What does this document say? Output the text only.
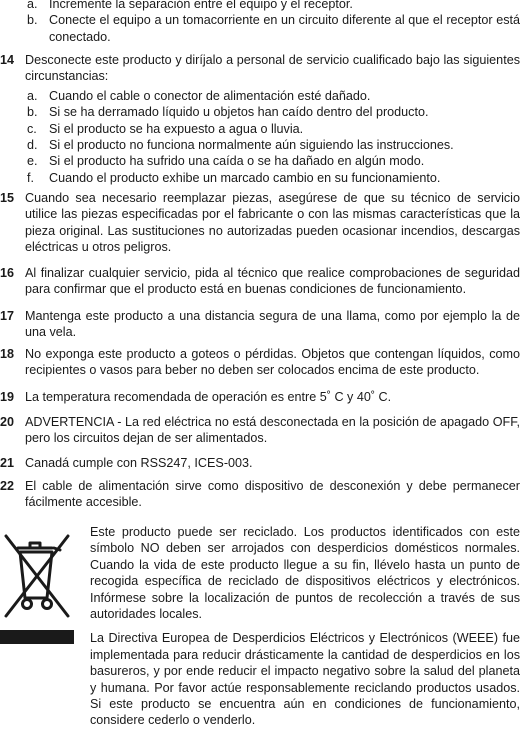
a. Incremente la separación entre el equipo y el receptor.
b. Conecte el equipo a un tomacorriente en un circuito diferente al que el receptor está conectado.
14 Desconecte este producto y diríjalo a personal de servicio cualificado bajo las siguientes circunstancias:
a. Cuando el cable o conector de alimentación esté dañado.
b. Si se ha derramado líquido u objetos han caído dentro del producto.
c. Si el producto se ha expuesto a agua o lluvia.
d. Si el producto no funciona normalmente aún siguiendo las instrucciones.
e. Si el producto ha sufrido una caída o se ha dañado en algún modo.
f.	Cuando el producto exhibe un marcado cambio en su funcionamiento.
15 Cuando sea necesario reemplazar piezas, asegúrese de que su técnico de servicio utilice las piezas especificadas por el fabricante o con las mismas características que la pieza original. Las sustituciones no autorizadas pueden ocasionar incendios, descargas eléctricas u otros peligros.
16 Al finalizar cualquier servicio, pida al técnico que realice comprobaciones de seguridad para confirmar que el producto está en buenas condiciones de funcionamiento.
17 Mantenga este producto a una distancia segura de una llama, como por ejemplo la de una vela.
18 No exponga este producto a goteos o pérdidas. Objetos que contengan líquidos, como recipientes o vasos para beber no deben ser colocados encima de este producto.
19 La temperatura recomendada de operación es entre 5˚ C y 40˚ C.
20 ADVERTENCIA - La red eléctrica no está desconectada en la posición de apagado OFF, pero los circuitos dejan de ser alimentados.
21 Canadá cumple con RSS247, ICES-003.
22 El cable de alimentación sirve como dispositivo de desconexión y debe permanecer fácilmente accesible.

Este producto puede ser reciclado. Los productos identificados con este símbolo NO deben ser arrojados con desperdicios domésticos normales. Cuando la vida de este producto llegue a su fin, llévelo hasta un punto de recogida específica de reciclado de dispositivos eléctricos y electrónicos. Infórmese sobre la localización de puntos de recolección a través de sus autoridades locales.

La Directiva Europea de Desperdicios Eléctricos y Electrónicos (WEEE) fue implementada para reducir drásticamente la cantidad de desperdicios en los basureros, y por ende reducir el impacto negativo sobre la salud del planeta y humana. Por favor actúe responsablemente reciclando productos usados. Si este producto se encuentra aún en condiciones de funcionamiento, considere cederlo o venderlo.
